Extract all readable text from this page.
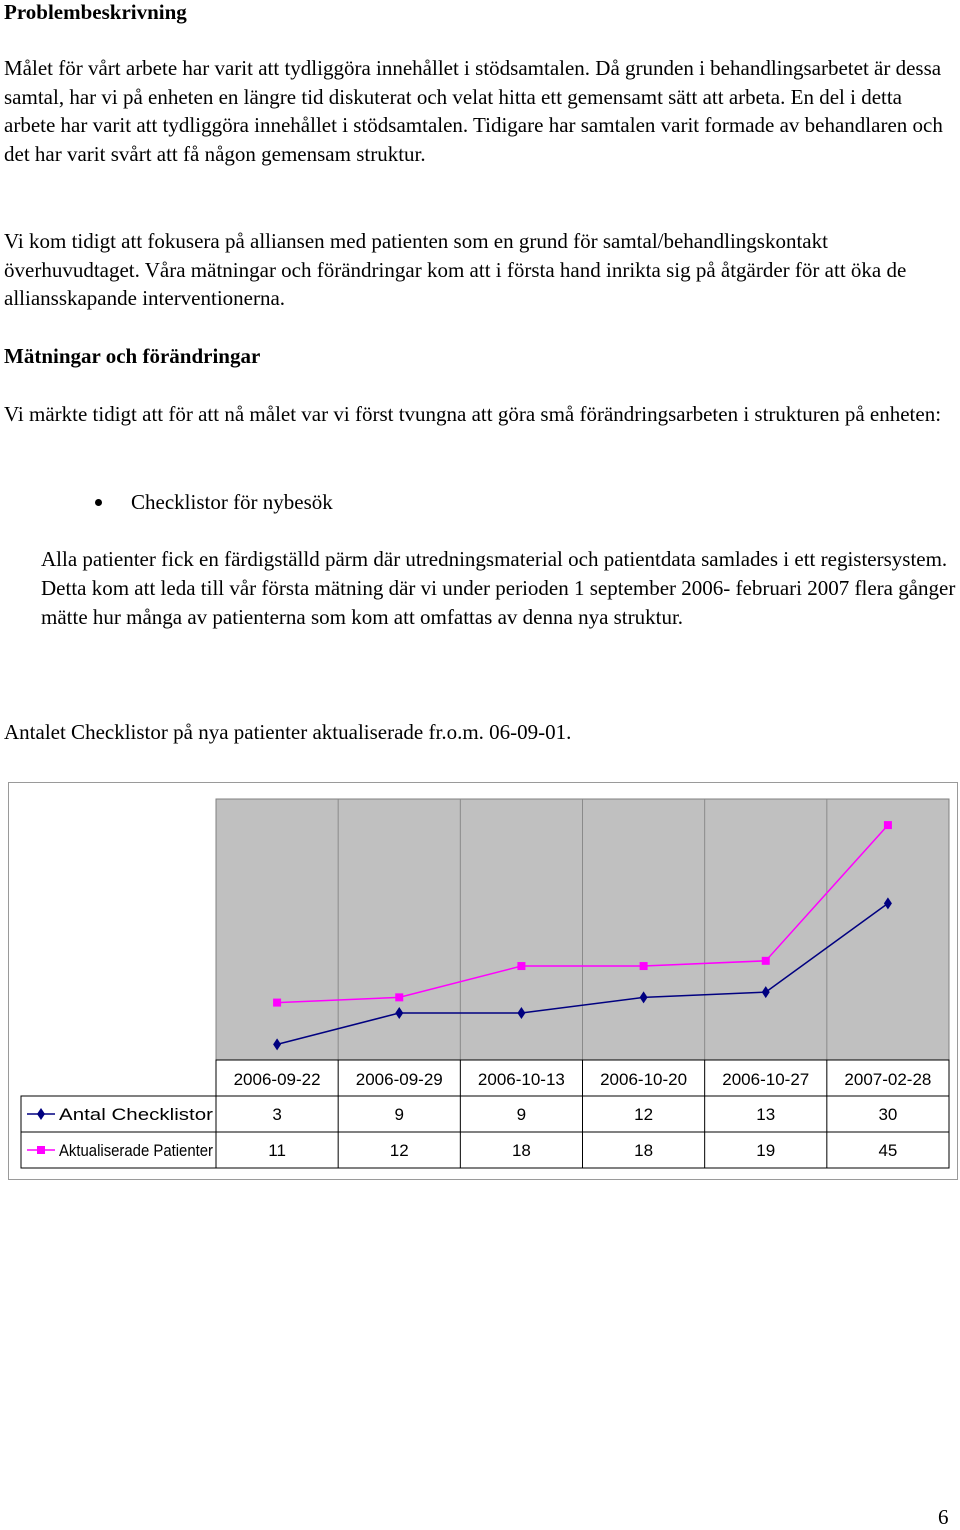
Problembeskrivning

Målet för vårt arbete har varit att tydliggöra innehållet i stödsamtalen. Då grunden i behandlingsarbetet är dessa samtal, har vi på enheten en längre tid diskuterat och velat hitta ett gemensamt sätt att arbeta. En del i detta arbete har varit att tydliggöra innehållet i stödsamtalen. Tidigare har samtalen varit formade av behandlaren och det har varit svårt att få någon gemensam struktur.

Vi kom tidigt att fokusera på alliansen med patienten som en grund för samtal/behandlingskontakt överhuvudtaget. Våra mätningar och förändringar kom att i första hand inrikta sig på åtgärder för att öka de alliansskapande interventionerna.

Mätningar och förändringar

Vi märkte tidigt att för att nå målet var vi först tvungna att göra små förändringsarbeten i strukturen på enheten:

Checklistor för nybesök

Alla patienter fick en färdigställd pärm där utredningsmaterial och patientdata samlades i ett registersystem. Detta kom att leda till vår första mätning där vi under perioden 1 september 2006- februari 2007 flera gånger mätte hur många av patienterna som kom att omfattas av denna nya struktur.

Antalet Checklistor på nya patienter aktualiserade fr.o.m. 06-09-01.
2006-09-22 2006-09-29 2006-10-13 2006-10-20 2006-10-27 2007-02-28
Antal Checklistor	3	9	9	12	13	30
Aktualiserade Patienter	11	12	18	18	19	45
6
